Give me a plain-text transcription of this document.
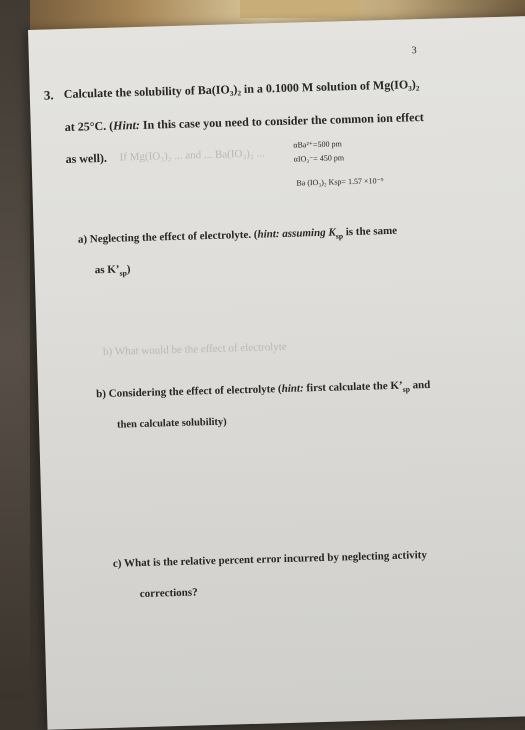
3
3. Calculate the solubility of Ba(IO₃)₂ in a 0.1000 M solution of Mg(IO₃)₂
at 25°C. (Hint: In this case you need to consider the common ion effect
as well). If Mg(IO₃)₂ ... and ... Ba(IO₃)₂ ...
αBa²⁺=500 pm
αIO₃⁻= 450 pm
Ba (IO₃)₂ Ksp= 1.57 ×10⁻⁹
a) Neglecting the effect of electrolyte. (hint: assuming $K_{sp}$ is the same
as $K’_{sp}$)
b) What would be the effect of electrolyte
b) Considering the effect of electrolyte (hint: first calculate the $K’_{sp}$ and
then calculate solubility)
c) What is the relative percent error incurred by neglecting activity
corrections?
